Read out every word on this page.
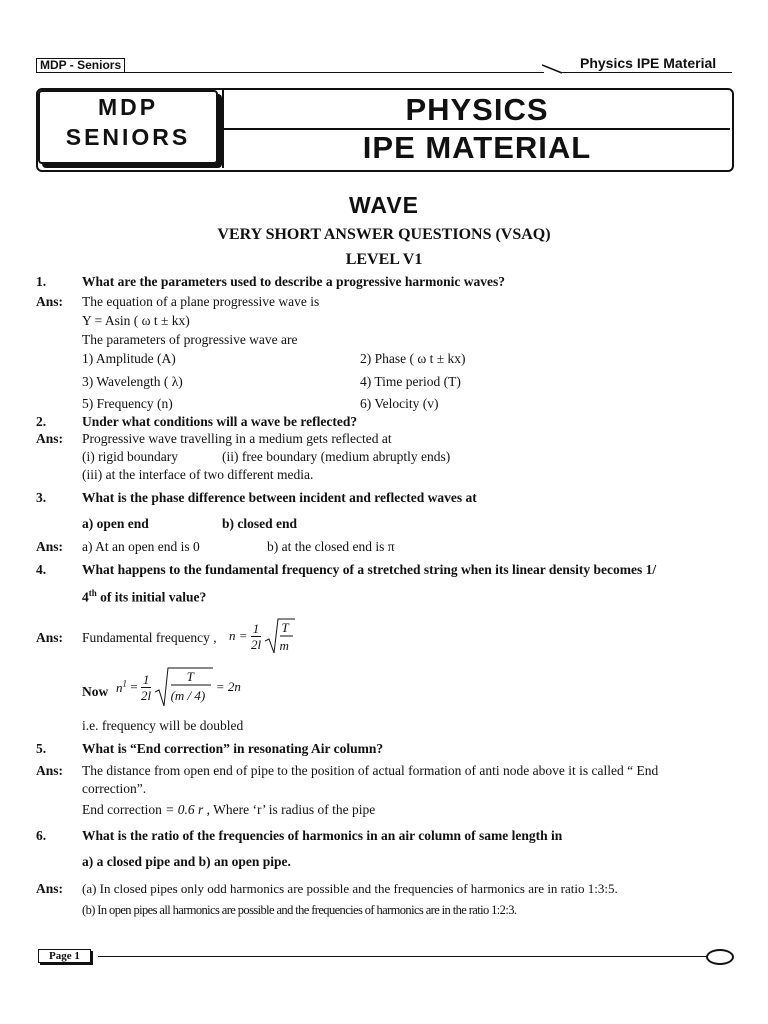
MDP - Seniors	Physics IPE Material
MDP
SENIORS
PHYSICS
IPE MATERIAL
WAVE
VERY SHORT ANSWER QUESTIONS (VSAQ)
LEVEL V1
1.	What are the parameters used to describe a progressive harmonic waves?
Ans: The equation of a plane progressive wave is
Y = Asin ( ω t ± kx)
The parameters of progressive wave are
1) Amplitude (A)	2) Phase ( ω t ± kx)
3) Wavelength ( λ)	4) Time period (T)
5) Frequency (n)	6) Velocity (v)
2.	Under what conditions will a wave be reflected?
Ans: Progressive wave travelling in a medium gets reflected at
(i) rigid boundary	(ii) free boundary (medium abruptly ends)
(iii) at the interface of two different media.
3.	What is the phase difference between incident and reflected waves at
a) open end	b) closed end
Ans: a) At an open end is 0	b) at the closed end is π
4.	What happens to the fundamental frequency of a stretched string when its linear density becomes 1/
4th of its initial value?
Ans: Fundamental frequency , $n = \frac{1}{2l}$
T
m
Now $n^1 = \frac{1}{2l}$
	T
(m / 4)
= 2n
i.e. frequency will be doubled
5.	What is “End correction” in resonating Air column?
Ans: The distance from open end of pipe to the position of actual formation of anti node above it is called “ End
correction”.
End correction = 0.6 r , Where ‘r’ is radius of the pipe
6.	What is the ratio of the frequencies of harmonics in an air column of same length in
a) a closed pipe and b) an open pipe.
Ans: (a) In closed pipes only odd harmonics are possible and the frequencies of harmonics are in ratio 1:3:5.
(b) In open pipes all harmonics are possible and the frequencies of harmonics are in the ratio 1:2:3.
Page 1
